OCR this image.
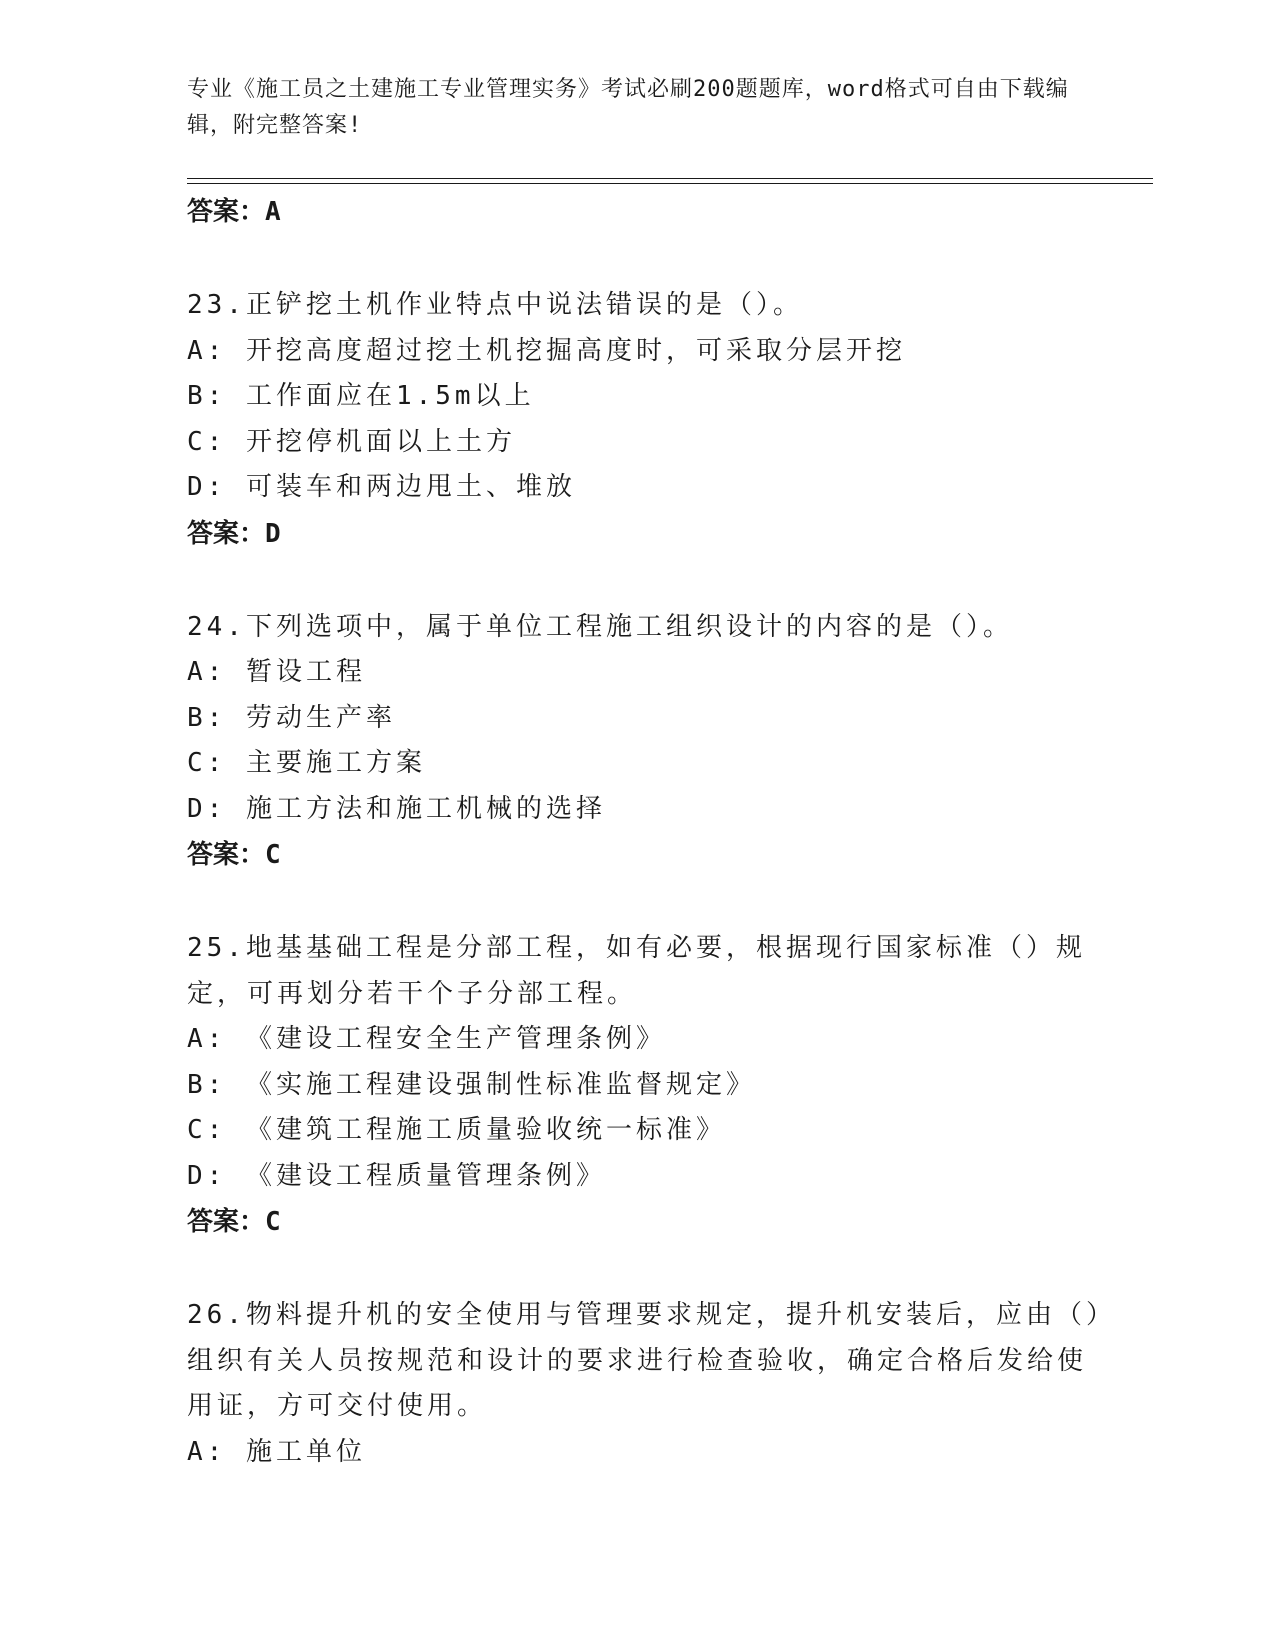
专业《施工员之土建施工专业管理实务》考试必刷200题题库，word格式可自由下载编辑，附完整答案!
答案：A
23.正铲挖土机作业特点中说法错误的是（）。
A: 开挖高度超过挖土机挖掘高度时，可采取分层开挖
B: 工作面应在1.5m以上
C: 开挖停机面以上土方
D: 可装车和两边甩土、堆放
答案：D
24.下列选项中，属于单位工程施工组织设计的内容的是（）。
A: 暂设工程
B: 劳动生产率
C: 主要施工方案
D: 施工方法和施工机械的选择
答案：C
25.地基基础工程是分部工程，如有必要，根据现行国家标准（）规定，可再划分若干个子分部工程。
A: 《建设工程安全生产管理条例》
B: 《实施工程建设强制性标准监督规定》
C: 《建筑工程施工质量验收统一标准》
D: 《建设工程质量管理条例》
答案：C
26.物料提升机的安全使用与管理要求规定，提升机安装后，应由（）组织有关人员按规范和设计的要求进行检查验收，确定合格后发给使用证，方可交付使用。
A: 施工单位
